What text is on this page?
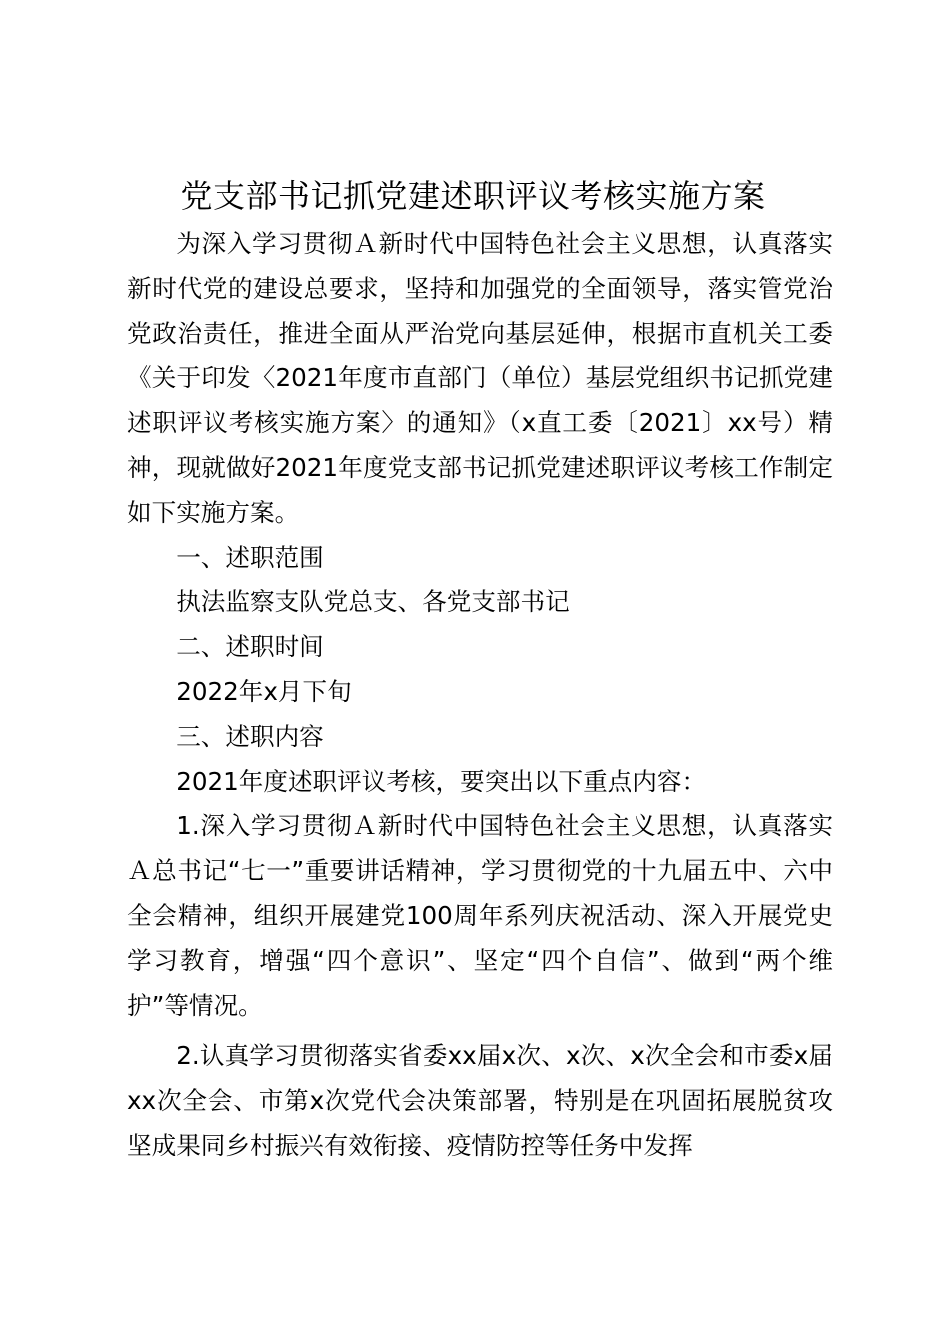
党支部书记抓党建述职评议考核实施方案

为深入学习贯彻Ａ新时代中国特色社会主义思想，认真落实新时代党的建设总要求，坚持和加强党的全面领导，落实管党治党政治责任，推进全面从严治党向基层延伸，根据市直机关工委《关于印发〈2021年度市直部门（单位）基层党组织书记抓党建述职评议考核实施方案〉的通知》（x直工委〔2021〕xx号）精神，现就做好2021年度党支部书记抓党建述职评议考核工作制定如下实施方案。

一、述职范围

执法监察支队党总支、各党支部书记

二、述职时间

2022年x月下旬

三、述职内容

2021年度述职评议考核，要突出以下重点内容：

1.深入学习贯彻Ａ新时代中国特色社会主义思想，认真落实Ａ总书记“七一”重要讲话精神，学习贯彻党的十九届五中、六中全会精神，组织开展建党100周年系列庆祝活动、深入开展党史学习教育，增强“四个意识”、坚定“四个自信”、做到“两个维护”等情况。

2.认真学习贯彻落实省委xx届x次、x次、x次全会和市委x届xx次全会、市第x次党代会决策部署，特别是在巩固拓展脱贫攻坚成果同乡村振兴有效衔接、疫情防控等任务中发挥
